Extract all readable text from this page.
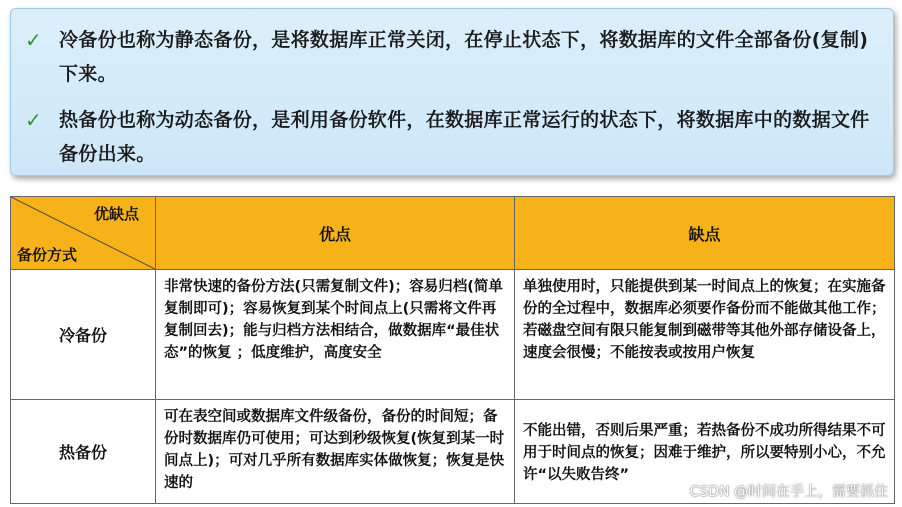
✓ 冷备份也称为静态备份，是将数据库正常关闭，在停止状态下，将数据库的文件全部备份(复制)下来。
✓ 热备份也称为动态备份，是利用备份软件，在数据库正常运行的状态下，将数据库中的数据文件备份出来。
优缺点
备份方式	优点	缺点
冷备份	非常快速的备份方法(只需复制文件)；容易归档(简单复制即可)；容易恢复到某个时间点上(只需将文件再复制回去)；能与归档方法相结合，做数据库“最佳状态”的恢复 ；低度维护，高度安全	单独使用时，只能提供到某一时间点上的恢复；在实施备份的全过程中，数据库必须要作备份而不能做其他工作；若磁盘空间有限只能复制到磁带等其他外部存储设备上，速度会很慢；不能按表或按用户恢复
热备份	可在表空间或数据库文件级备份，备份的时间短；备份时数据库仍可使用；可达到秒级恢复(恢复到某一时间点上)；可对几乎所有数据库实体做恢复；恢复是快速的	不能出错，否则后果严重；若热备份不成功所得结果不可用于时间点的恢复；因难于维护，所以要特别小心，不允许“以失败告终”
CSDN @时间在手上，需要抓住
